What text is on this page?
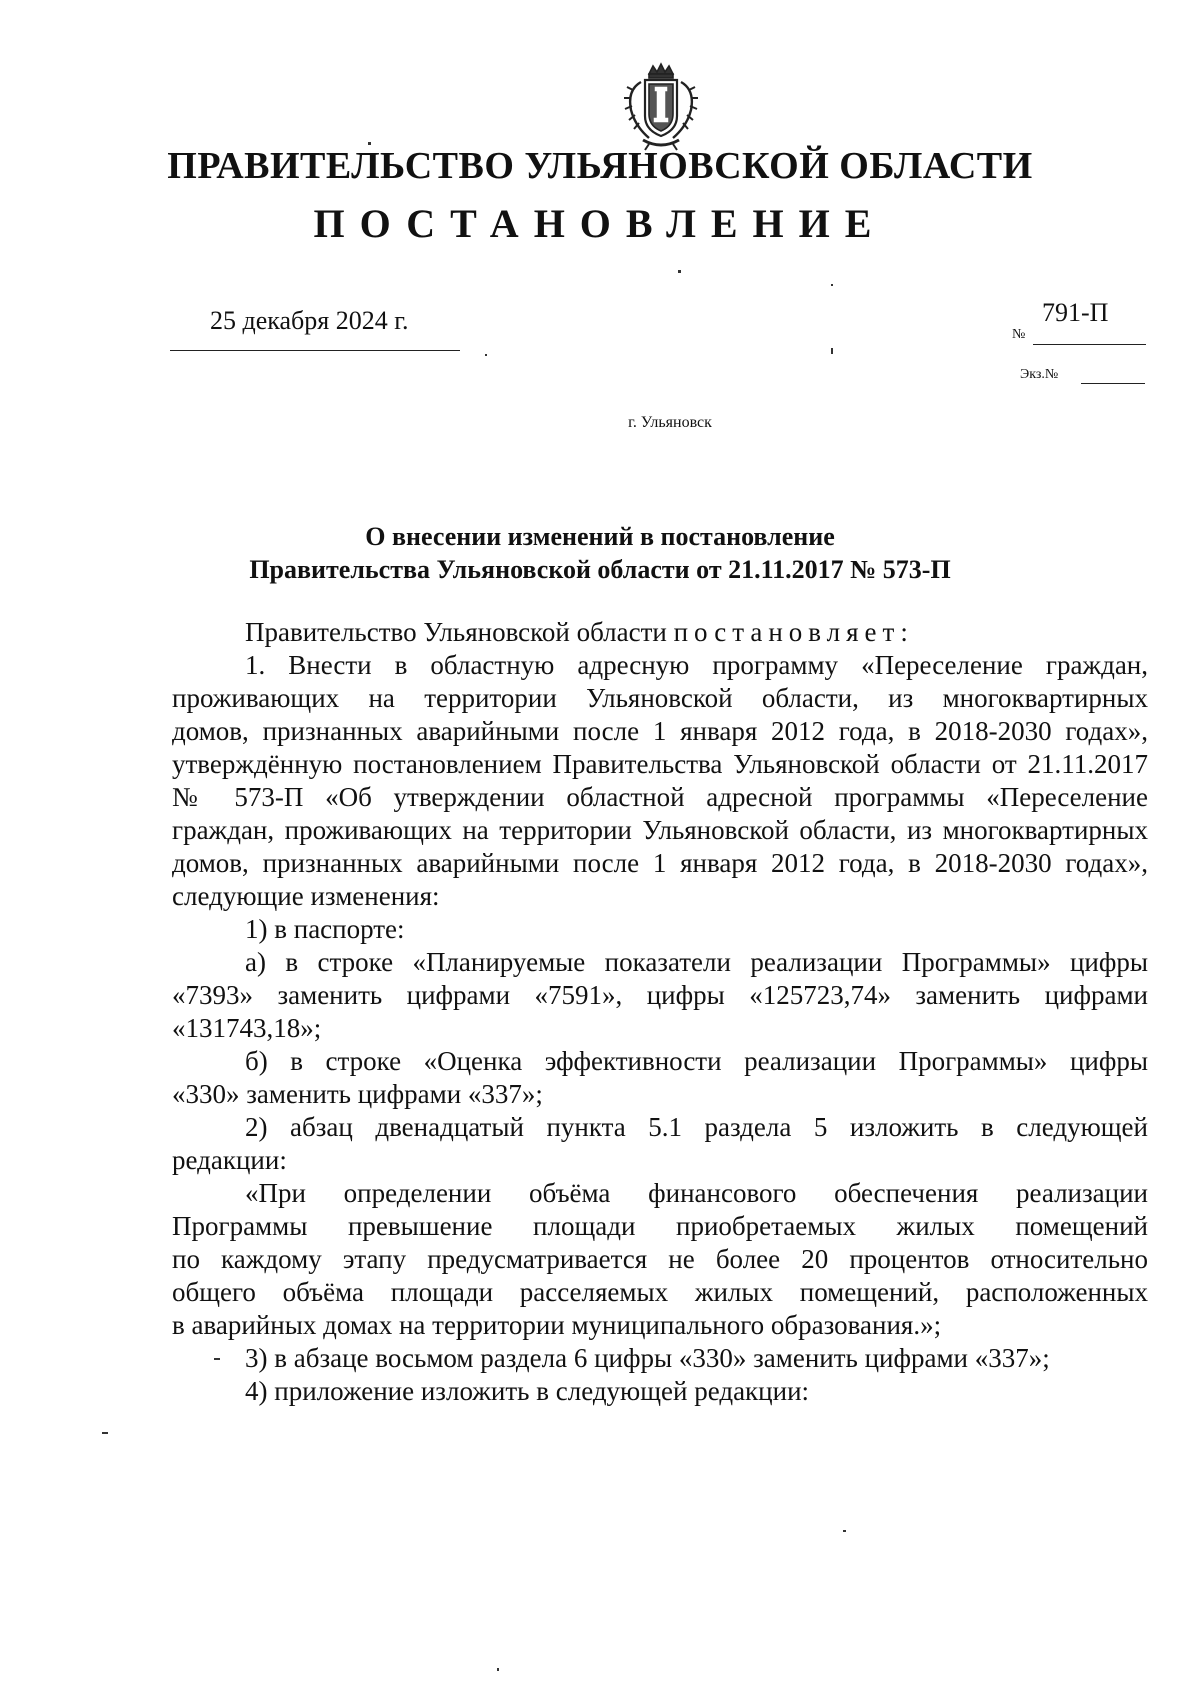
ПРАВИТЕЛЬСТВО УЛЬЯНОВСКОЙ ОБЛАСТИ
ПОСТАНОВЛЕНИЕ
25 декабря 2024 г.	№
791-П
Экз.№
г. Ульяновск
О внесении изменений в постановление
Правительства Ульяновской области от 21.11.2017 № 573-П
Правительство Ульяновской области постановляет:
1. Внести в областную адресную программу «Переселение граждан,
проживающих на территории Ульяновской области, из многоквартирных
домов, признанных аварийными после 1 января 2012 года, в 2018-2030 годах»,
утверждённую постановлением Правительства Ульяновской области от 21.11.2017
№ 573-П «Об утверждении областной адресной программы «Переселение
граждан, проживающих на территории Ульяновской области, из многоквартирных
домов, признанных аварийными после 1 января 2012 года, в 2018-2030 годах»,
следующие изменения:
1) в паспорте:
а) в строке «Планируемые показатели реализации Программы» цифры
«7393» заменить цифрами «7591», цифры «125723,74» заменить цифрами
«131743,18»;
б) в строке «Оценка эффективности реализации Программы» цифры
«330» заменить цифрами «337»;
2) абзац двенадцатый пункта 5.1 раздела 5 изложить в следующей
редакции:
«При определении объёма финансового обеспечения реализации
Программы превышение площади приобретаемых жилых помещений
по каждому этапу предусматривается не более 20 процентов относительно
общего объёма площади расселяемых жилых помещений, расположенных
в аварийных домах на территории муниципального образования.»;
3) в абзаце восьмом раздела 6 цифры «330» заменить цифрами «337»;
4) приложение изложить в следующей редакции:
